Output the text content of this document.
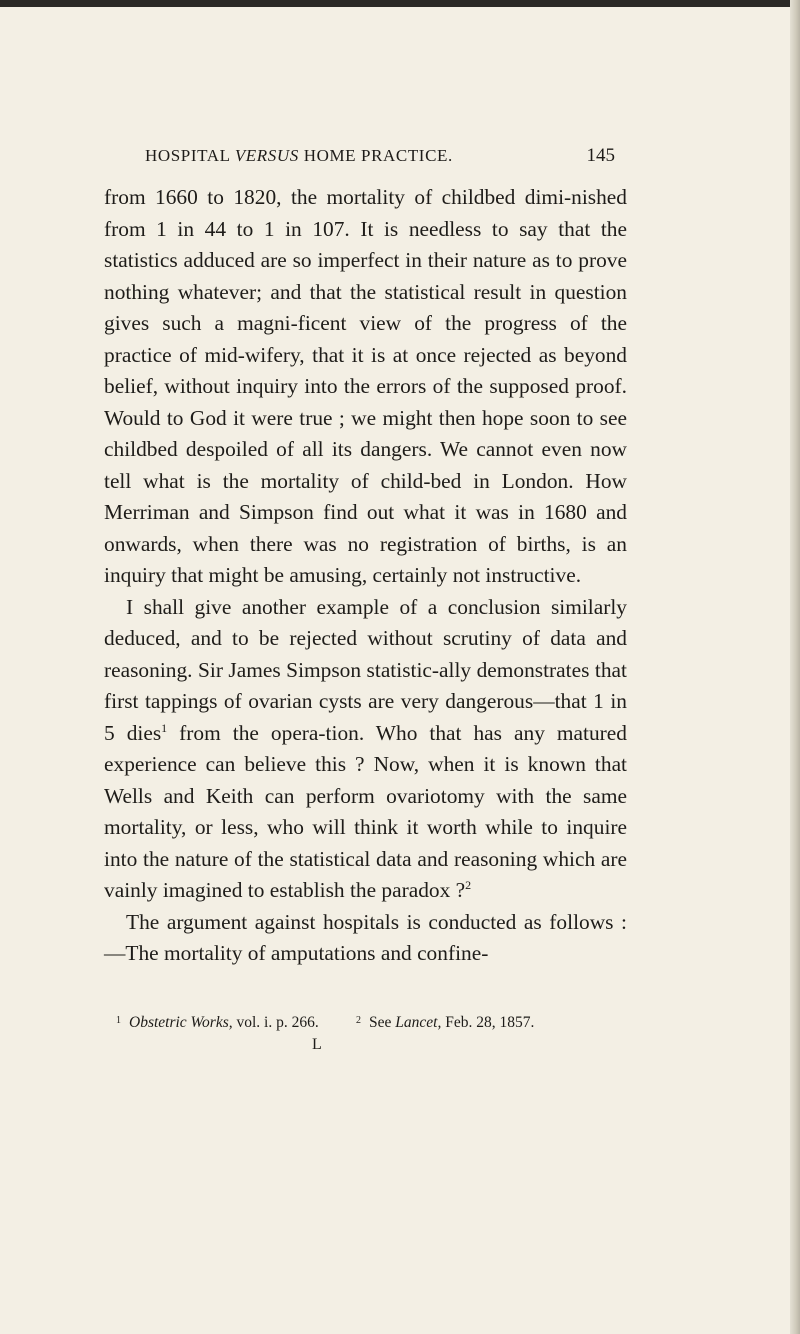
HOSPITAL VERSUS HOME PRACTICE.	145

from 1660 to 1820, the mortality of childbed dimi-nished from 1 in 44 to 1 in 107. It is needless to say that the statistics adduced are so imperfect in their nature as to prove nothing whatever; and that the statistical result in question gives such a magni-ficent view of the progress of the practice of mid-wifery, that it is at once rejected as beyond belief, without inquiry into the errors of the supposed proof. Would to God it were true ; we might then hope soon to see childbed despoiled of all its dangers. We cannot even now tell what is the mortality of child-bed in London. How Merriman and Simpson find out what it was in 1680 and onwards, when there was no registration of births, is an inquiry that might be amusing, certainly not instructive.

I shall give another example of a conclusion similarly deduced, and to be rejected without scrutiny of data and reasoning. Sir James Simpson statistic-ally demonstrates that first tappings of ovarian cysts are very dangerous—that 1 in 5 dies$^1$ from the opera-tion. Who that has any matured experience can believe this ? Now, when it is known that Wells and Keith can perform ovariotomy with the same mortality, or less, who will think it worth while to inquire into the nature of the statistical data and reasoning which are vainly imagined to establish the paradox ?$^2$

The argument against hospitals is conducted as follows :—The mortality of amputations and confine-

$^1$ Obstetric Works, vol. i. p. 266.	$^2$ See Lancet, Feb. 28, 1857.
L
